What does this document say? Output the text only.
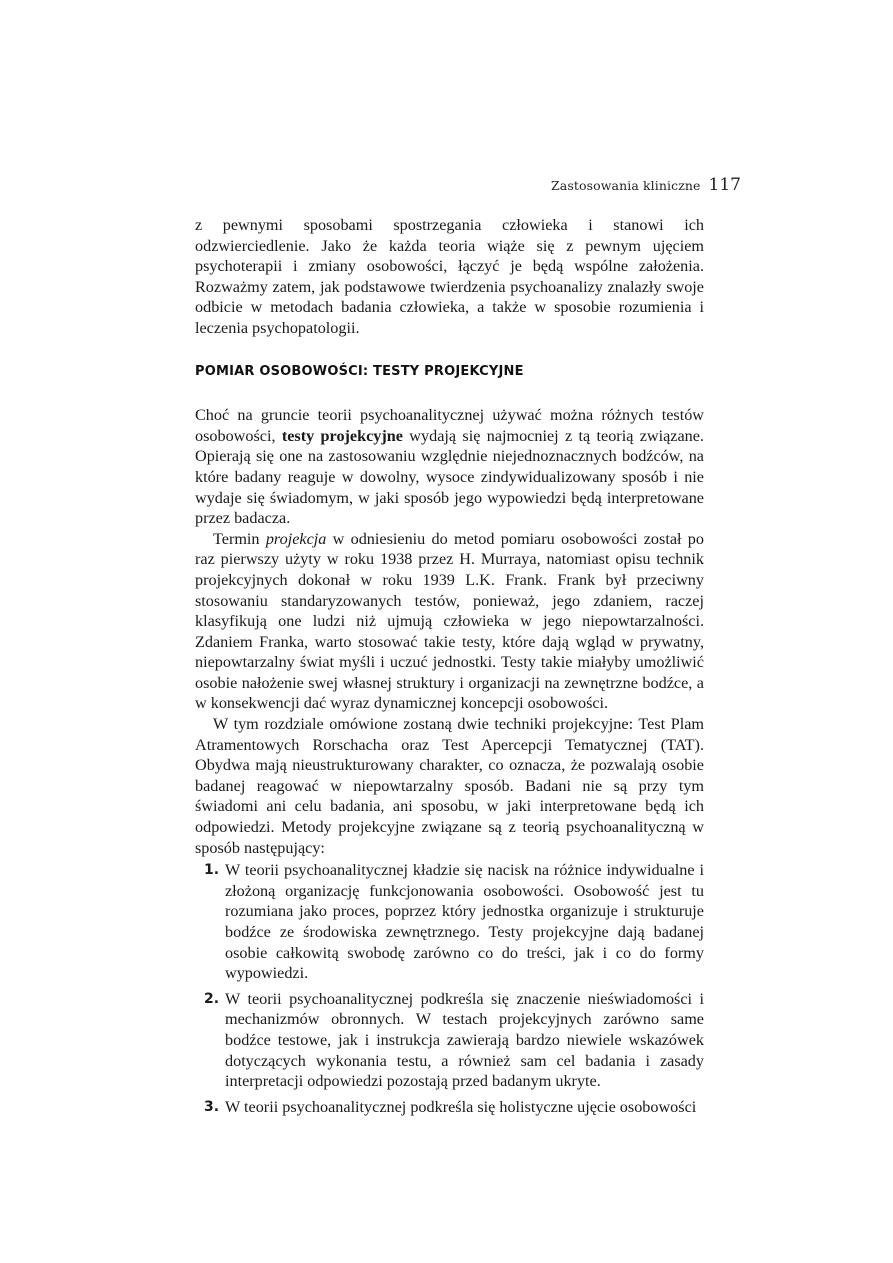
Zastosowania kliniczne 117

z pewnymi sposobami spostrzegania człowieka i stanowi ich odzwierciedlenie. Jako że każda teoria wiąże się z pewnym ujęciem psychoterapii i zmiany osobowości, łączyć je będą wspólne założenia. Rozważmy zatem, jak podstawowe twierdzenia psychoanalizy znalazły swoje odbicie w metodach badania człowieka, a także w sposobie rozumienia i leczenia psychopatologii.

POMIAR OSOBOWOŚCI: TESTY PROJEKCYJNE

Choć na gruncie teorii psychoanalitycznej używać można różnych testów osobowości, testy projekcyjne wydają się najmocniej z tą teorią związane. Opierają się one na zastosowaniu względnie niejednoznacznych bodźców, na które badany reaguje w dowolny, wysoce zindywidualizowany sposób i nie wydaje się świadomym, w jaki sposób jego wypowiedzi będą interpretowane przez badacza.

Termin projekcja w odniesieniu do metod pomiaru osobowości został po raz pierwszy użyty w roku 1938 przez H. Murraya, natomiast opisu technik projekcyjnych dokonał w roku 1939 L.K. Frank. Frank był przeciwny stosowaniu standaryzowanych testów, ponieważ, jego zdaniem, raczej klasyfikują one ludzi niż ujmują człowieka w jego niepowtarzalności. Zdaniem Franka, warto stosować takie testy, które dają wgląd w prywatny, niepowtarzalny świat myśli i uczuć jednostki. Testy takie miałyby umożliwić osobie nałożenie swej własnej struktury i organizacji na zewnętrzne bodźce, a w konsekwencji dać wyraz dynamicznej koncepcji osobowości.

W tym rozdziale omówione zostaną dwie techniki projekcyjne: Test Plam Atramentowych Rorschacha oraz Test Apercepcji Tematycznej (TAT). Obydwa mają nieustrukturowany charakter, co oznacza, że pozwalają osobie badanej reagować w niepowtarzalny sposób. Badani nie są przy tym świadomi ani celu badania, ani sposobu, w jaki interpretowane będą ich odpowiedzi. Metody projekcyjne związane są z teorią psychoanalityczną w sposób następujący:

1. W teorii psychoanalitycznej kładzie się nacisk na różnice indywidualne i złożoną organizację funkcjonowania osobowości. Osobowość jest tu rozumiana jako proces, poprzez który jednostka organizuje i strukturuje bodźce ze środowiska zewnętrznego. Testy projekcyjne dają badanej osobie całkowitą swobodę zarówno co do treści, jak i co do formy wypowiedzi.
2. W teorii psychoanalitycznej podkreśla się znaczenie nieświadomości i mechanizmów obronnych. W testach projekcyjnych zarówno same bodźce testowe, jak i instrukcja zawierają bardzo niewiele wskazówek dotyczących wykonania testu, a również sam cel badania i zasady interpretacji odpowiedzi pozostają przed badanym ukryte.
3. W teorii psychoanalitycznej podkreśla się holistyczne ujęcie osobowości
